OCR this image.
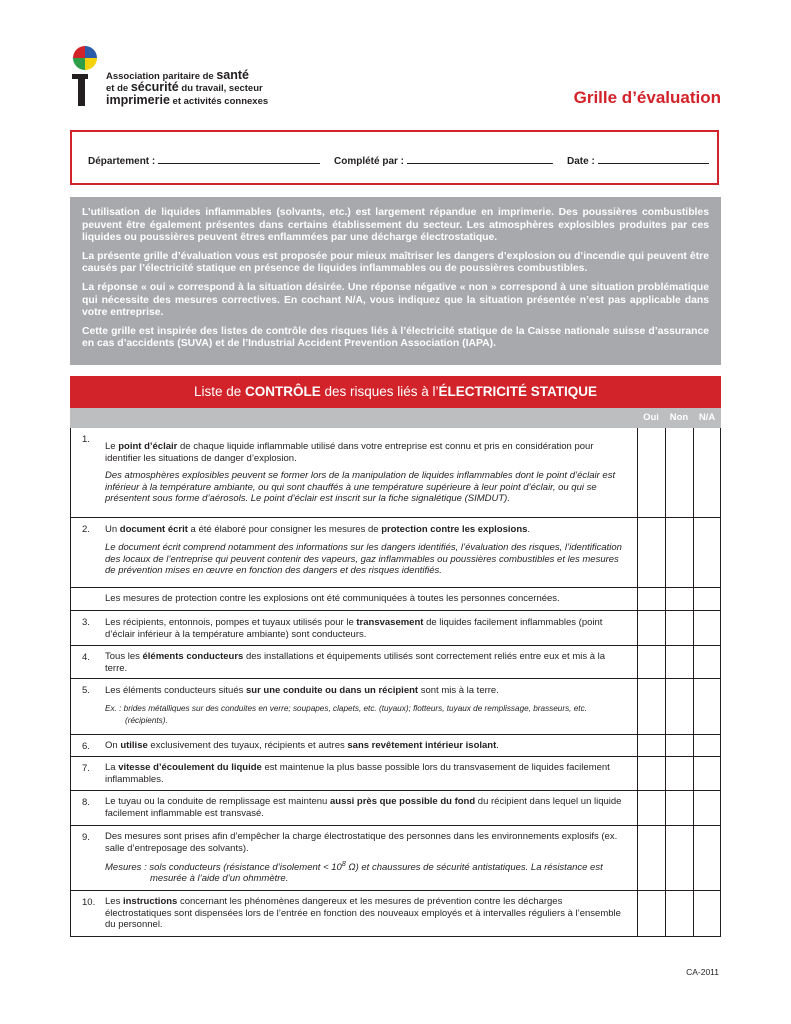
Association paritaire de santé
et de sécurité du travail, secteur
imprimerie et activités connexes	Grille d’évaluation
Département :	Complété par :	Date :

L’utilisation de liquides inflammables (solvants, etc.) est largement répandue en imprimerie. Des poussières combustibles peuvent être également présentes dans certains établissement du secteur. Les atmosphères explosibles produites par ces liquides ou poussières peuvent êtres enflammées par une décharge électrostatique.

La présente grille d’évaluation vous est proposée pour mieux maîtriser les dangers d’explosion ou d’incendie qui peuvent être causés par l’électricité statique en présence de liquides inflammables ou de poussières combustibles.

La réponse « oui » correspond à la situation désirée. Une réponse négative « non » correspond à une situation problématique qui nécessite des mesures correctives. En cochant N/A, vous indiquez que la situation présentée n’est pas applicable dans votre entreprise.

Cette grille est inspirée des listes de contrôle des risques liés à l’électricité statique de la Caisse nationale suisse d’assurance en cas d’accidents (SUVA) et de l’Industrial Accident Prevention Association (IAPA).

Liste de CONTRÔLE des risques liés à l’ÉLECTRICITÉ STATIQUE
Oui	Non	N/A
1.
Le point d’éclair de chaque liquide inflammable utilisé dans votre entreprise est connu et pris en considération pour identifier les situations de danger d’explosion.
Des atmosphères explosibles peuvent se former lors de la manipulation de liquides inflammables dont le point d’éclair est inférieur à la température ambiante, ou qui sont chauffés à une température supérieure à leur point d’éclair, ou qui se présentent sous forme d’aérosols. Le point d’éclair est inscrit sur la fiche signalétique (SIMDUT).
2. Un document écrit a été élaboré pour consigner les mesures de protection contre les explosions.
Le document écrit comprend notamment des informations sur les dangers identifiés, l’évaluation des risques, l’identification des locaux de l’entreprise qui peuvent contenir des vapeurs, gaz inflammables ou poussières combustibles et les mesures de prévention mises en œuvre en fonction des dangers et des risques identifiés.
Les mesures de protection contre les explosions ont été communiquées à toutes les personnes concernées.
3. Les récipients, entonnois, pompes et tuyaux utilisés pour le transvasement de liquides facilement inflammables (point d’éclair inférieur à la température ambiante) sont conducteurs.
4. Tous les éléments conducteurs des installations et équipements utilisés sont correctement reliés entre eux et mis à la terre.
5. Les éléments conducteurs situés sur une conduite ou dans un récipient sont mis à la terre.
Ex. : brides métalliques sur des conduites en verre; soupapes, clapets, etc. (tuyaux); flotteurs, tuyaux de remplissage, brasseurs, etc.
(récipients).
6. On utilise exclusivement des tuyaux, récipients et autres sans revêtement intérieur isolant.
7. La vitesse d’écoulement du liquide est maintenue la plus basse possible lors du transvasement de liquides facilement inflammables.
8. Le tuyau ou la conduite de remplissage est maintenu aussi près que possible du fond du récipient dans lequel un liquide facilement inflammable est transvasé.
9. Des mesures sont prises afin d’empêcher la charge électrostatique des personnes dans les environnements explosifs (ex. salle d’entreposage des solvants).
Mesures : sols conducteurs (résistance d’isolement < $10^8$ Ω) et chaussures de sécurité antistatiques. La résistance est
mesurée à l’aide d’un ohmmètre.
10. Les instructions concernant les phénomènes dangereux et les mesures de prévention contre les décharges électrostatiques sont dispensées lors de l’entrée en fonction des nouveaux employés et à intervalles réguliers à l’ensemble du personnel.
CA-2011
